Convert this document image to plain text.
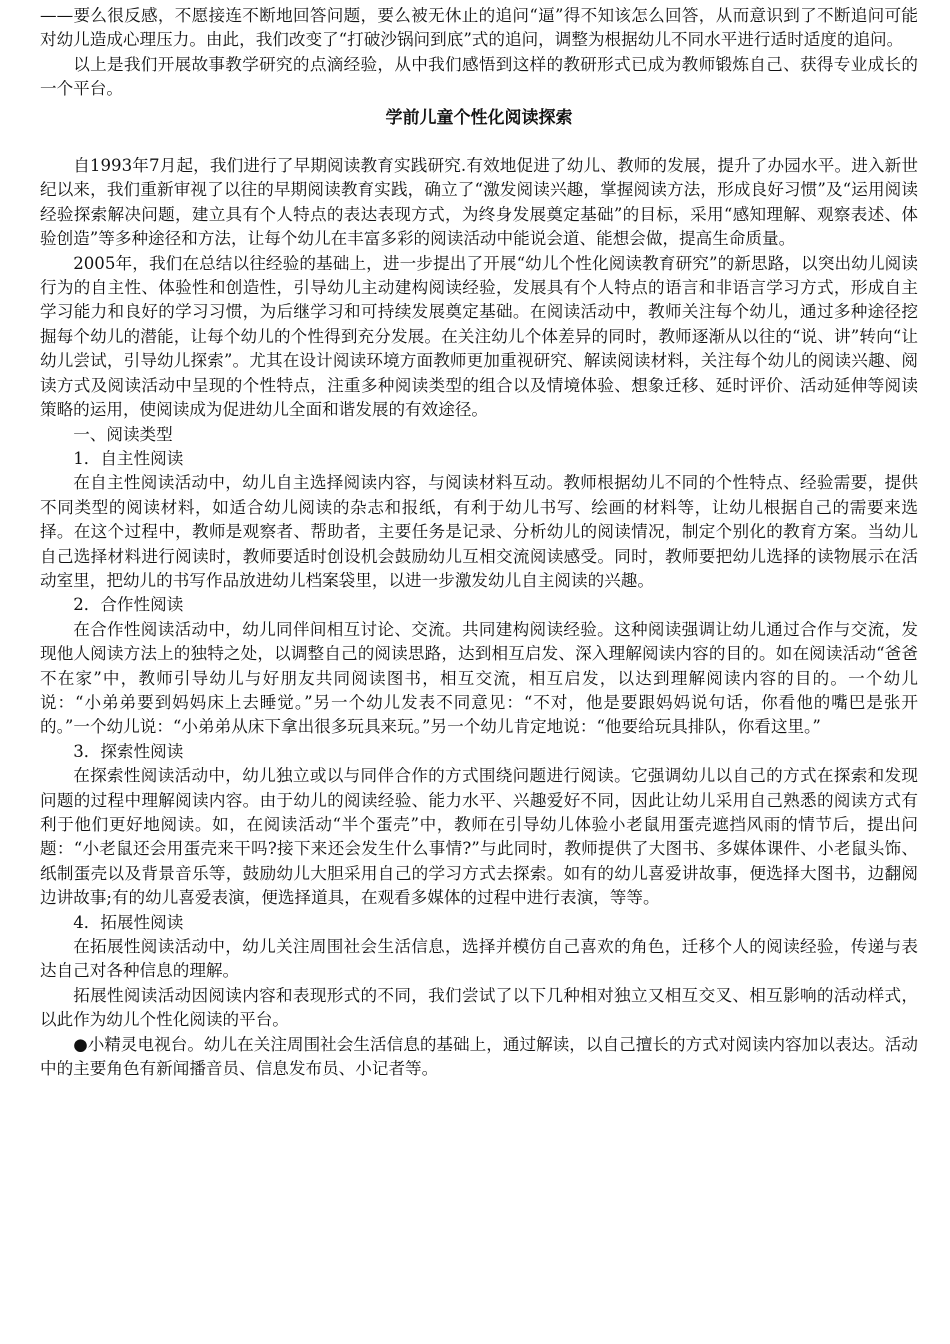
——要么很反感，不愿接连不断地回答问题，要么被无休止的追问“逼”得不知该怎么回答，从而意识到了不断追问可能对幼儿造成心理压力。由此，我们改变了“打破沙锅问到底”式的追问，调整为根据幼儿不同水平进行适时适度的追问。

以上是我们开展故事教学研究的点滴经验，从中我们感悟到这样的教研形式已成为教师锻炼自己、获得专业成长的一个平台。

学前儿童个性化阅读探索

自1993年7月起，我们进行了早期阅读教育实践研究.有效地促进了幼儿、教师的发展，提升了办园水平。进入新世纪以来，我们重新审视了以往的早期阅读教育实践，确立了“激发阅读兴趣，掌握阅读方法，形成良好习惯”及“运用阅读经验探索解决问题，建立具有个人特点的表达表现方式，为终身发展奠定基础”的目标，采用“感知理解、观察表述、体验创造”等多种途径和方法，让每个幼儿在丰富多彩的阅读活动中能说会道、能想会做，提高生命质量。

2005年，我们在总结以往经验的基础上，进一步提出了开展“幼儿个性化阅读教育研究”的新思路，以突出幼儿阅读行为的自主性、体验性和创造性，引导幼儿主动建构阅读经验，发展具有个人特点的语言和非语言学习方式，形成自主学习能力和良好的学习习惯，为后继学习和可持续发展奠定基础。在阅读活动中，教师关注每个幼儿，通过多种途径挖掘每个幼儿的潜能，让每个幼儿的个性得到充分发展。在关注幼儿个体差异的同时，教师逐渐从以往的“说、讲”转向“让幼儿尝试，引导幼儿探索”。尤其在设计阅读环境方面教师更加重视研究、解读阅读材料，关注每个幼儿的阅读兴趣、阅读方式及阅读活动中呈现的个性特点，注重多种阅读类型的组合以及情境体验、想象迁移、延时评价、活动延伸等阅读策略的运用，使阅读成为促进幼儿全面和谐发展的有效途径。

一、阅读类型

1．自主性阅读

在自主性阅读活动中，幼儿自主选择阅读内容，与阅读材料互动。教师根据幼儿不同的个性特点、经验需要，提供不同类型的阅读材料，如适合幼儿阅读的杂志和报纸，有利于幼儿书写、绘画的材料等，让幼儿根据自己的需要来选择。在这个过程中，教师是观察者、帮助者，主要任务是记录、分析幼儿的阅读情况，制定个别化的教育方案。当幼儿自己选择材料进行阅读时，教师要适时创设机会鼓励幼儿互相交流阅读感受。同时，教师要把幼儿选择的读物展示在活动室里，把幼儿的书写作品放进幼儿档案袋里，以进一步激发幼儿自主阅读的兴趣。

2．合作性阅读

在合作性阅读活动中，幼儿同伴间相互讨论、交流。共同建构阅读经验。这种阅读强调让幼儿通过合作与交流，发现他人阅读方法上的独特之处，以调整自己的阅读思路，达到相互启发、深入理解阅读内容的目的。如在阅读活动“爸爸不在家”中，教师引导幼儿与好朋友共同阅读图书，相互交流，相互启发，以达到理解阅读内容的目的。一个幼儿说：“小弟弟要到妈妈床上去睡觉。”另一个幼儿发表不同意见：“不对，他是要跟妈妈说句话，你看他的嘴巴是张开的。”一个幼儿说：“小弟弟从床下拿出很多玩具来玩。”另一个幼儿肯定地说：“他要给玩具排队，你看这里。”

3．探索性阅读

在探索性阅读活动中，幼儿独立或以与同伴合作的方式围绕问题进行阅读。它强调幼儿以自己的方式在探索和发现问题的过程中理解阅读内容。由于幼儿的阅读经验、能力水平、兴趣爱好不同，因此让幼儿采用自己熟悉的阅读方式有利于他们更好地阅读。如，在阅读活动“半个蛋壳”中，教师在引导幼儿体验小老鼠用蛋壳遮挡风雨的情节后，提出问题：“小老鼠还会用蛋壳来干吗?接下来还会发生什么事情?”与此同时，教师提供了大图书、多媒体课件、小老鼠头饰、纸制蛋壳以及背景音乐等，鼓励幼儿大胆采用自己的学习方式去探索。如有的幼儿喜爱讲故事，便选择大图书，边翻阅边讲故事;有的幼儿喜爱表演，便选择道具，在观看多媒体的过程中进行表演，等等。

4．拓展性阅读

在拓展性阅读活动中，幼儿关注周围社会生活信息，选择并模仿自己喜欢的角色，迁移个人的阅读经验，传递与表达自己对各种信息的理解。

拓展性阅读活动因阅读内容和表现形式的不同，我们尝试了以下几种相对独立又相互交叉、相互影响的活动样式，以此作为幼儿个性化阅读的平台。

●小精灵电视台。幼儿在关注周围社会生活信息的基础上，通过解读，以自己擅长的方式对阅读内容加以表达。活动中的主要角色有新闻播音员、信息发布员、小记者等。
